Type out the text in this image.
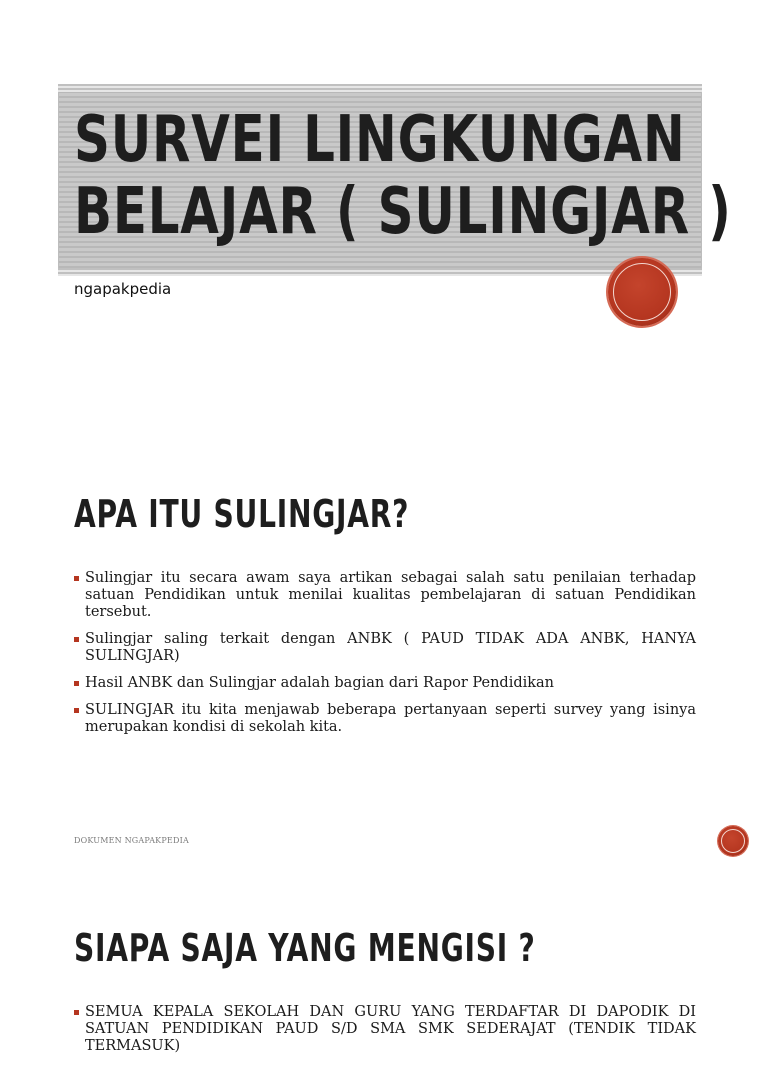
SURVEI LINGKUNGAN
BELAJAR ( SULINGJAR )

ngapakpedia

APA ITU SULINGJAR?
Sulingjar itu secara awam saya artikan sebagai salah satu penilaian terhadap satuan Pendidikan untuk menilai kualitas pembelajaran di satuan Pendidikan tersebut.
Sulingjar saling terkait dengan ANBK ( PAUD TIDAK ADA ANBK, HANYA SULINGJAR)
Hasil ANBK dan Sulingjar adalah bagian dari Rapor Pendidikan
SULINGJAR itu kita menjawab beberapa pertanyaan seperti survey yang isinya merupakan kondisi di sekolah kita.

DOKUMEN NGAPAKPEDIA

SIAPA SAJA YANG MENGISI ?
SEMUA KEPALA SEKOLAH DAN GURU YANG TERDAFTAR DI DAPODIK DI SATUAN PENDIDIKAN PAUD S/D SMA SMK SEDERAJAT (TENDIK TIDAK TERMASUK)
